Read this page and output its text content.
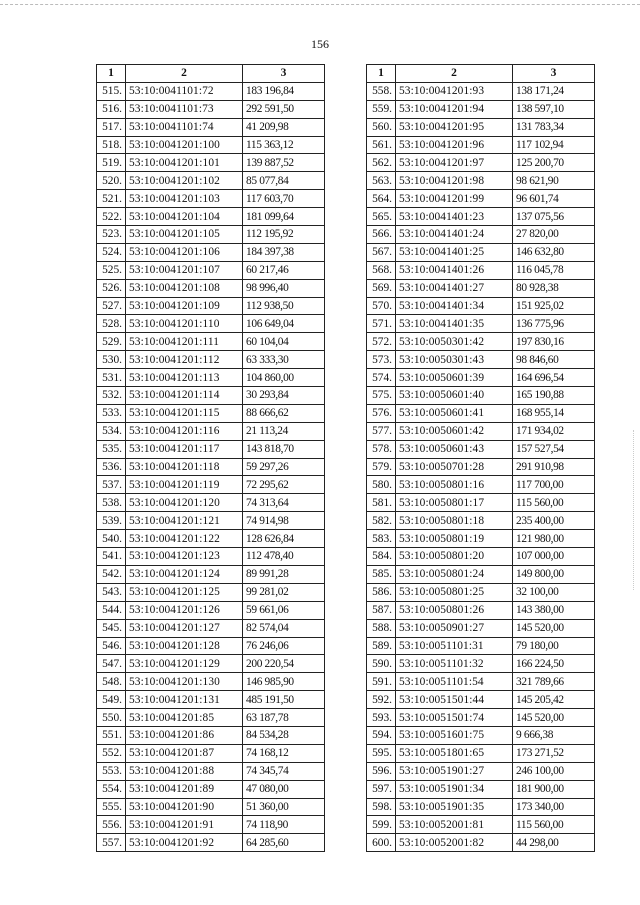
156
1	2	3
515.	53:10:0041101:72	183 196,84
516.	53:10:0041101:73	292 591,50
517.	53:10:0041101:74	41 209,98
518.	53:10:0041201:100	115 363,12
519.	53:10:0041201:101	139 887,52
520.	53:10:0041201:102	85 077,84
521.	53:10:0041201:103	117 603,70
522.	53:10:0041201:104	181 099,64
523.	53:10:0041201:105	112 195,92
524.	53:10:0041201:106	184 397,38
525.	53:10:0041201:107	60 217,46
526.	53:10:0041201:108	98 996,40
527.	53:10:0041201:109	112 938,50
528.	53:10:0041201:110	106 649,04
529.	53:10:0041201:111	60 104,04
530.	53:10:0041201:112	63 333,30
531.	53:10:0041201:113	104 860,00
532.	53:10:0041201:114	30 293,84
533.	53:10:0041201:115	88 666,62
534.	53:10:0041201:116	21 113,24
535.	53:10:0041201:117	143 818,70
536.	53:10:0041201:118	59 297,26
537.	53:10:0041201:119	72 295,62
538.	53:10:0041201:120	74 313,64
539.	53:10:0041201:121	74 914,98
540.	53:10:0041201:122	128 626,84
541.	53:10:0041201:123	112 478,40
542.	53:10:0041201:124	89 991,28
543.	53:10:0041201:125	99 281,02
544.	53:10:0041201:126	59 661,06
545.	53:10:0041201:127	82 574,04
546.	53:10:0041201:128	76 246,06
547.	53:10:0041201:129	200 220,54
548.	53:10:0041201:130	146 985,90
549.	53:10:0041201:131	485 191,50
550.	53:10:0041201:85	63 187,78
551.	53:10:0041201:86	84 534,28
552.	53:10:0041201:87	74 168,12
553.	53:10:0041201:88	74 345,74
554.	53:10:0041201:89	47 080,00
555.	53:10:0041201:90	51 360,00
556.	53:10:0041201:91	74 118,90
557.	53:10:0041201:92	64 285,60
1	2	3
558.	53:10:0041201:93	138 171,24
559.	53:10:0041201:94	138 597,10
560.	53:10:0041201:95	131 783,34
561.	53:10:0041201:96	117 102,94
562.	53:10:0041201:97	125 200,70
563.	53:10:0041201:98	98 621,90
564.	53:10:0041201:99	96 601,74
565.	53:10:0041401:23	137 075,56
566.	53:10:0041401:24	27 820,00
567.	53:10:0041401:25	146 632,80
568.	53:10:0041401:26	116 045,78
569.	53:10:0041401:27	80 928,38
570.	53:10:0041401:34	151 925,02
571.	53:10:0041401:35	136 775,96
572.	53:10:0050301:42	197 830,16
573.	53:10:0050301:43	98 846,60
574.	53:10:0050601:39	164 696,54
575.	53:10:0050601:40	165 190,88
576.	53:10:0050601:41	168 955,14
577.	53:10:0050601:42	171 934,02
578.	53:10:0050601:43	157 527,54
579.	53:10:0050701:28	291 910,98
580.	53:10:0050801:16	117 700,00
581.	53:10:0050801:17	115 560,00
582.	53:10:0050801:18	235 400,00
583.	53:10:0050801:19	121 980,00
584.	53:10:0050801:20	107 000,00
585.	53:10:0050801:24	149 800,00
586.	53:10:0050801:25	32 100,00
587.	53:10:0050801:26	143 380,00
588.	53:10:0050901:27	145 520,00
589.	53:10:0051101:31	79 180,00
590.	53:10:0051101:32	166 224,50
591.	53:10:0051101:54	321 789,66
592.	53:10:0051501:44	145 205,42
593.	53:10:0051501:74	145 520,00
594.	53:10:0051601:75	9 666,38
595.	53:10:0051801:65	173 271,52
596.	53:10:0051901:27	246 100,00
597.	53:10:0051901:34	181 900,00
598.	53:10:0051901:35	173 340,00
599.	53:10:0052001:81	115 560,00
600.	53:10:0052001:82	44 298,00
